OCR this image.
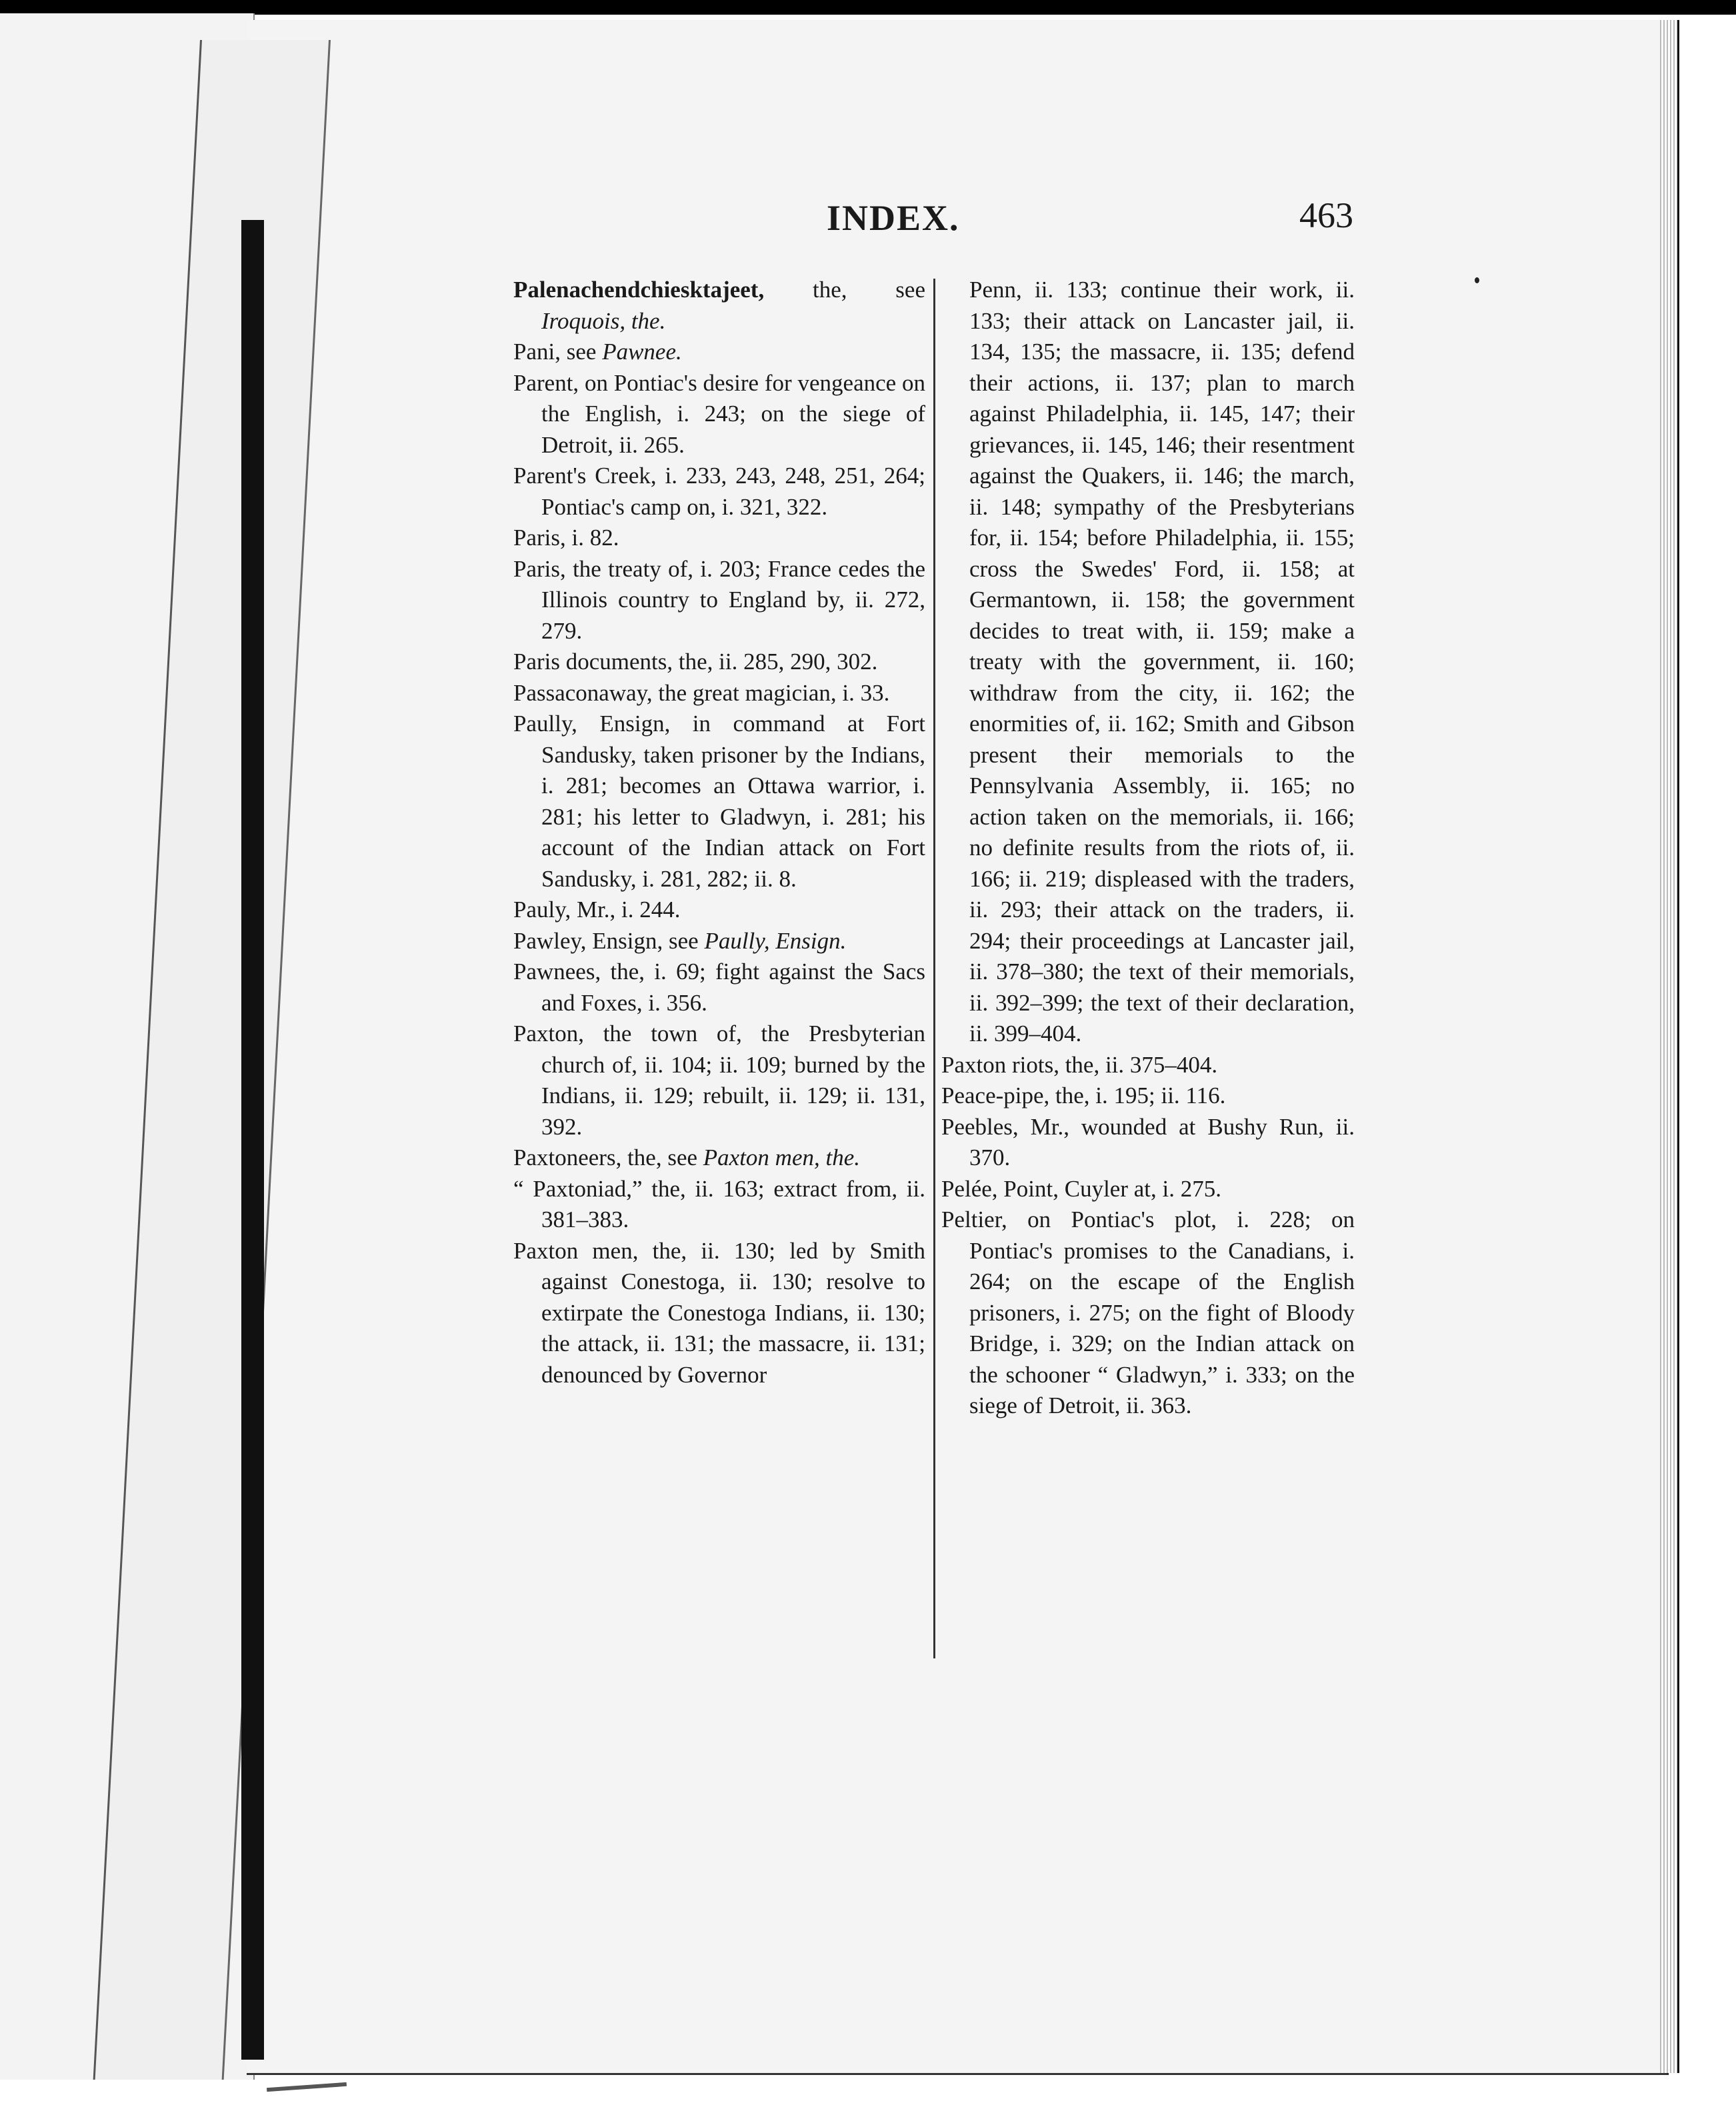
INDEX.	463

Palenachendchiesktajeet, the, see Iroquois, the.

Pani, see Pawnee.

Parent, on Pontiac's desire for vengeance on the English, i. 243; on the siege of Detroit, ii. 265.

Parent's Creek, i. 233, 243, 248, 251, 264; Pontiac's camp on, i. 321, 322.

Paris, i. 82.

Paris, the treaty of, i. 203; France cedes the Illinois country to England by, ii. 272, 279.

Paris documents, the, ii. 285, 290, 302.

Passaconaway, the great magician, i. 33.

Paully, Ensign, in command at Fort Sandusky, taken prisoner by the Indians, i. 281; becomes an Ottawa warrior, i. 281; his letter to Gladwyn, i. 281; his account of the Indian attack on Fort Sandusky, i. 281, 282; ii. 8.

Pauly, Mr., i. 244.

Pawley, Ensign, see Paully, Ensign.

Pawnees, the, i. 69; fight against the Sacs and Foxes, i. 356.

Paxton, the town of, the Presbyterian church of, ii. 104; ii. 109; burned by the Indians, ii. 129; rebuilt, ii. 129; ii. 131, 392.

Paxtoneers, the, see Paxton men, the.

“ Paxtoniad,” the, ii. 163; extract from, ii. 381–383.

Paxton men, the, ii. 130; led by Smith against Conestoga, ii. 130; resolve to extirpate the Conestoga Indians, ii. 130; the attack, ii. 131; the massacre, ii. 131; denounced by Governor

Penn, ii. 133; continue their work, ii. 133; their attack on Lancaster jail, ii. 134, 135; the massacre, ii. 135; defend their actions, ii. 137; plan to march against Philadelphia, ii. 145, 147; their grievances, ii. 145, 146; their resentment against the Quakers, ii. 146; the march, ii. 148; sympathy of the Presbyterians for, ii. 154; before Philadelphia, ii. 155; cross the Swedes' Ford, ii. 158; at Germantown, ii. 158; the government decides to treat with, ii. 159; make a treaty with the government, ii. 160; withdraw from the city, ii. 162; the enormities of, ii. 162; Smith and Gibson present their memorials to the Pennsylvania Assembly, ii. 165; no action taken on the memorials, ii. 166; no definite results from the riots of, ii. 166; ii. 219; displeased with the traders, ii. 293; their attack on the traders, ii. 294; their proceedings at Lancaster jail, ii. 378–380; the text of their memorials, ii. 392–399; the text of their declaration, ii. 399–404.

Paxton riots, the, ii. 375–404.

Peace-pipe, the, i. 195; ii. 116.

Peebles, Mr., wounded at Bushy Run, ii. 370.

Pelée, Point, Cuyler at, i. 275.

Peltier, on Pontiac's plot, i. 228; on Pontiac's promises to the Canadians, i. 264; on the escape of the English prisoners, i. 275; on the fight of Bloody Bridge, i. 329; on the Indian attack on the schooner “ Gladwyn,” i. 333; on the siege of Detroit, ii. 363.
